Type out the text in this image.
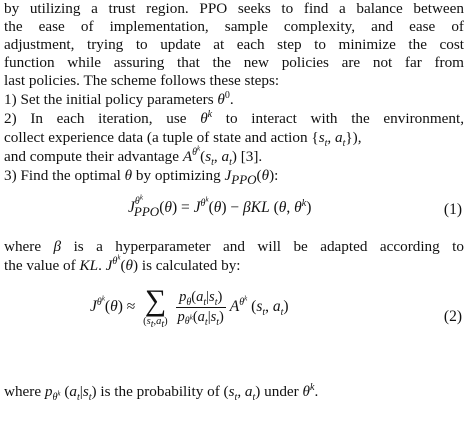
by utilizing a trust region. PPO seeks to find a balance between
the ease of implementation, sample complexity, and ease of
adjustment, trying to update at each step to minimize the cost
function while assuring that the new policies are not far from
last policies. The scheme follows these steps:
1) Set the initial policy parameters $\theta^0$.
2) In each iteration, use $\theta^k$ to interact with the environment,
collect experience data (a tuple of state and action {$s_t$, $a_t$}),
and compute their advantage $A^{\theta^k}(s_t$, $a_t$) [3].
3) Find the optimal θ by optimizing $J_{PPO}(\theta)$:
$J^{\theta^k}_{PPO}(\theta) = J^{\theta^k}(\theta) - \beta KL$ (θ, $\theta^k$)	(1)
where β is a hyperparameter and will be adapted according to
the value of KL. $J^{\theta^k}(\theta)$ is calculated by:
$J^{\theta^k}(\theta)$ ≈ ∑
$(s_t,a_t)$
$\frac{p_\theta(a_t|s_t)}{p_{\theta^k}(a_t|s_t)} A^{\theta^k}$ ($s_t$, $a_t$)
(2)
where $p_{\theta^k}$ $(a_t|s_t)$ is the probability of ($s_t$, $a_t$) under $\theta^k$.
